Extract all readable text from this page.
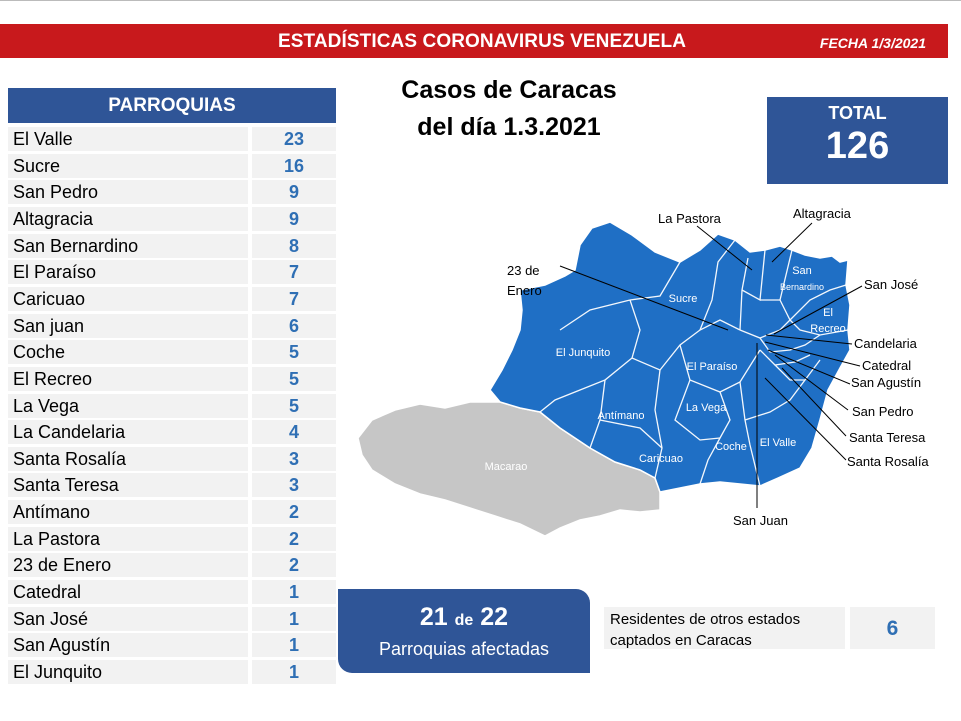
ESTADÍSTICAS CORONAVIRUS VENEZUELA	FECHA 1/3/2021
PARROQUIAS
El Valle	23
Sucre	16
San Pedro	9
Altagracia	9
San Bernardino	8
El Paraíso	7
Caricuao	7
San juan	6
Coche	5
El Recreo	5
La Vega	5
La Candelaria	4
Santa Rosalía	3
Santa Teresa	3
Antímano	2
La Pastora	2
23 de Enero	2
Catedral	1
San José	1
San Agustín	1
El Junquito	1
Casos de Caracas
del día 1.3.2021	TOTAL
126
Sucre
El Junquito
El Paraíso
La Vega
Antímano
Caricuao
Coche El Valle
San
Bernardino
El
Recreo
Macarao
La Pastora	Altagracia
23 de
Enero	San José
Candelaria
Catedral
San Agustín
San Pedro
Santa Teresa
Santa Rosalía
San Juan
21 de 22
Parroquias afectadas
Residentes de otros estados
captados en Caracas
6
